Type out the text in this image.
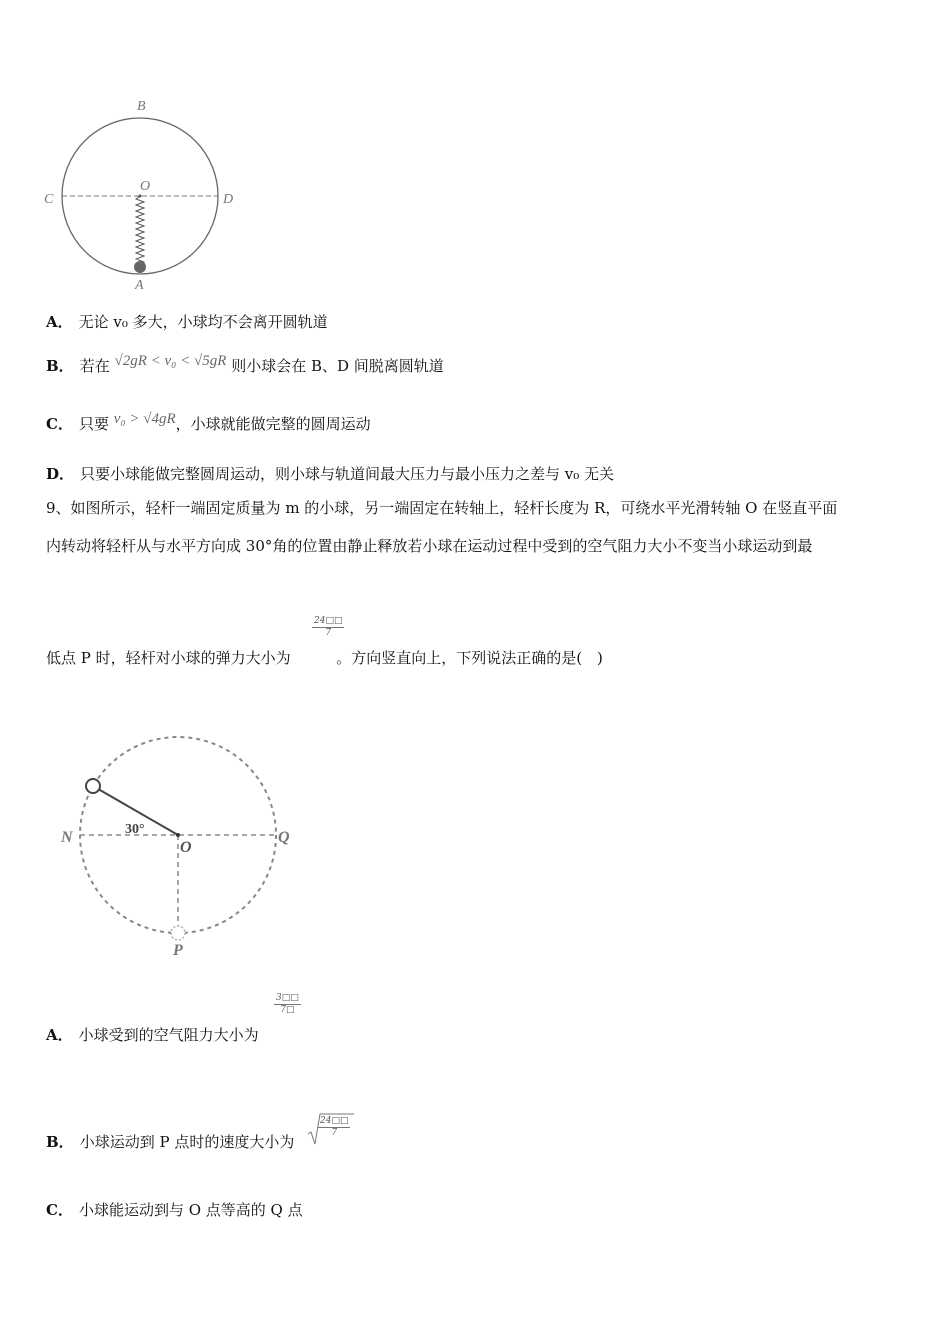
B
C	D
O
A
A． 无论 v₀ 多大，小球均不会离开圆轨道
B． 若在 √2gR < v₀ < √5gR 则小球会在 B、D 间脱离圆轨道
C． 只要 v₀ > √4gR，小球就能做完整的圆周运动
D． 只要小球能做完整圆周运动，则小球与轨道间最大压力与最小压力之差与 v₀ 无关
9、如图所示，轻杆一端固定质量为 m 的小球，另一端固定在转轴上，轻杆长度为 R，可绕水平光滑转轴 O 在竖直平面
内转动将轻杆从与水平方向成 30°角的位置由静止释放若小球在运动过程中受到的空气阻力大小不变当小球运动到最
低点 P 时，轻杆对小球的弹力大小为	。方向竖直向上，下列说法正确的是(　)
$\frac{24□□}{7}$
N	Q
O
P
30°
A． 小球受到的空气阻力大小为
$\frac{3□□}{7□}$
B． 小球运动到 P 点时的速度大小为
$\frac{24□□}{7}$
C． 小球能运动到与 O 点等高的 Q 点
